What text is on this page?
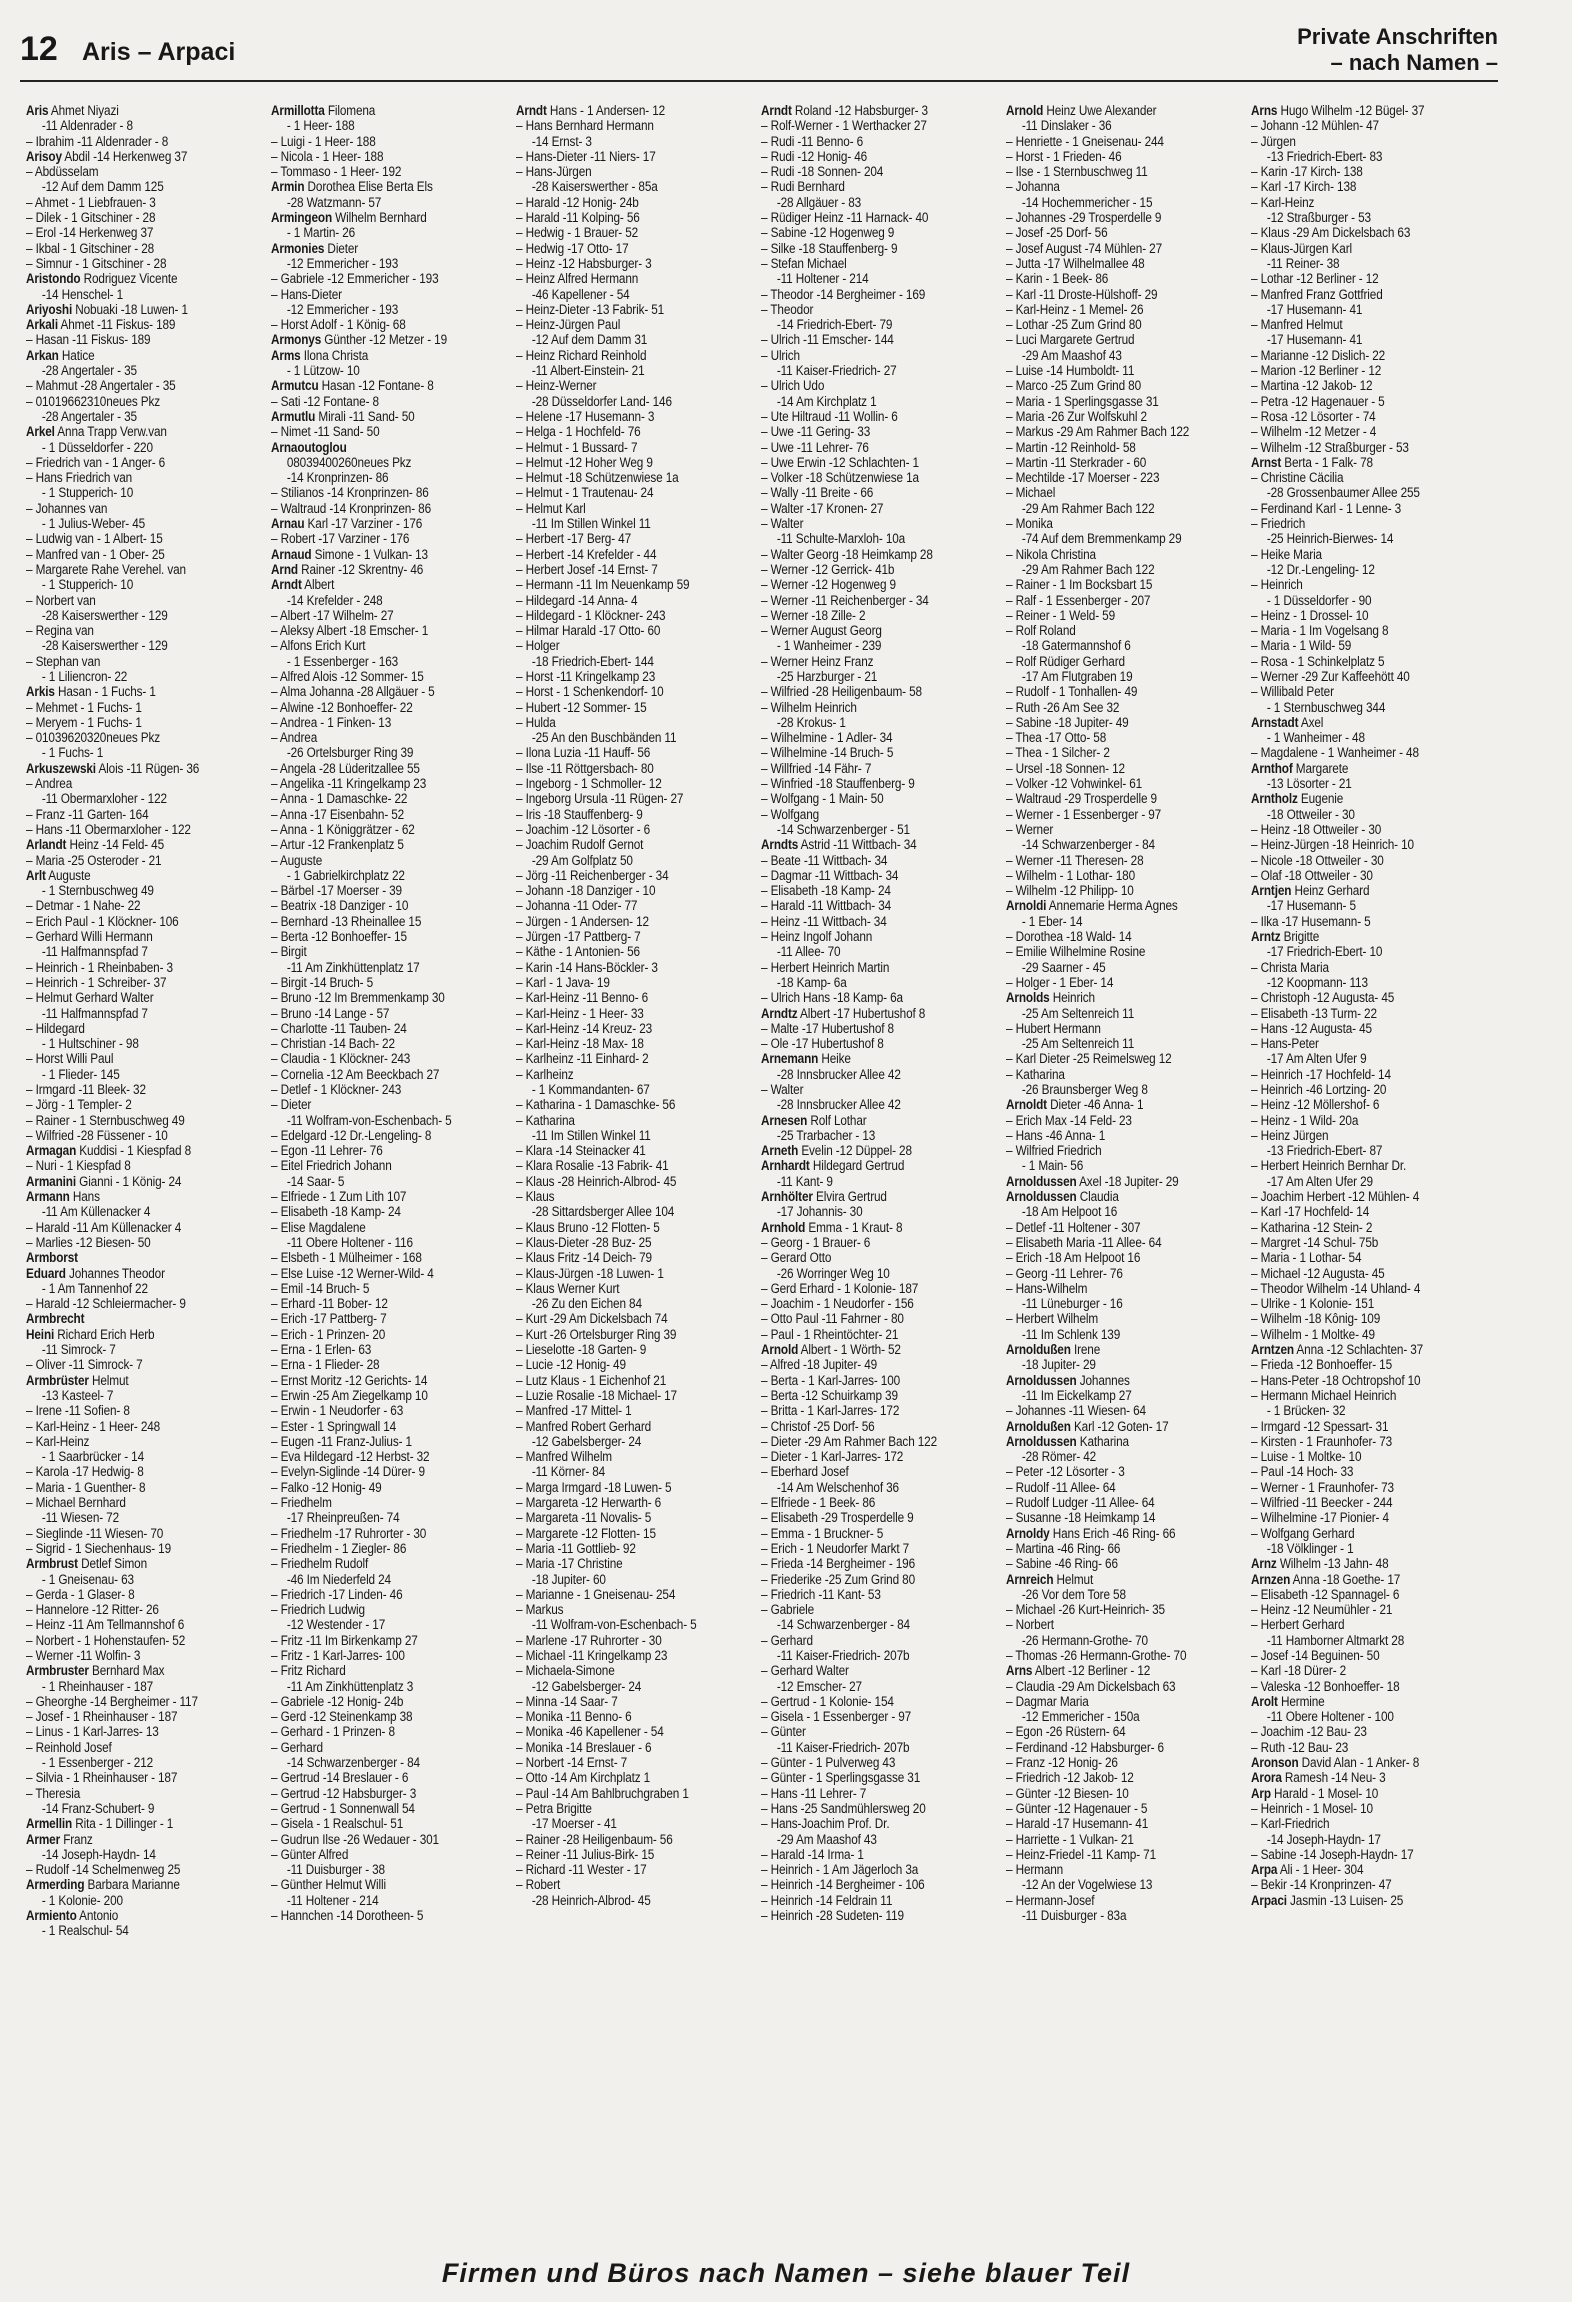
12 Aris – Arpaci
Private Anschriften
– nach Namen –
Aris Ahmet Niyazi
-11 Aldenrader - 8
– Ibrahim -11 Aldenrader - 8
Arisoy Abdil -14 Herkenweg 37
– Abdüsselam
-12 Auf dem Damm 125
– Ahmet - 1 Liebfrauen- 3
– Dilek - 1 Gitschiner - 28
– Erol -14 Herkenweg 37
– Ikbal - 1 Gitschiner - 28
– Simnur - 1 Gitschiner - 28
Aristondo Rodriguez Vicente
-14 Henschel- 1
Ariyoshi Nobuaki -18 Luwen- 1
Arkali Ahmet -11 Fiskus- 189
– Hasan -11 Fiskus- 189
Arkan Hatice
-28 Angertaler - 35
– Mahmut -28 Angertaler - 35
– 01019662310neues Pkz
-28 Angertaler - 35
Arkel Anna Trapp Verw.van
- 1 Düsseldorfer - 220
– Friedrich van - 1 Anger- 6
– Hans Friedrich van
- 1 Stupperich- 10
– Johannes van
- 1 Julius-Weber- 45
– Ludwig van - 1 Albert- 15
– Manfred van - 1 Ober- 25
– Margarete Rahe Verehel. van
- 1 Stupperich- 10
– Norbert van
-28 Kaiserswerther - 129
– Regina van
-28 Kaiserswerther - 129
– Stephan van
- 1 Liliencron- 22
Arkis Hasan - 1 Fuchs- 1
– Mehmet - 1 Fuchs- 1
– Meryem - 1 Fuchs- 1
– 01039620320neues Pkz
- 1 Fuchs- 1
Arkuszewski Alois -11 Rügen- 36
– Andrea
-11 Obermarxloher - 122
– Franz -11 Garten- 164
– Hans -11 Obermarxloher - 122
Arlandt Heinz -14 Feld- 45
– Maria -25 Osteroder - 21
Arlt Auguste
- 1 Sternbuschweg 49
– Detmar - 1 Nahe- 22
– Erich Paul - 1 Klöckner- 106
– Gerhard Willi Hermann
-11 Halfmannspfad 7
– Heinrich - 1 Rheinbaben- 3
– Heinrich - 1 Schreiber- 37
– Helmut Gerhard Walter
-11 Halfmannspfad 7
– Hildegard
- 1 Hultschiner - 98
– Horst Willi Paul
- 1 Flieder- 145
– Irmgard -11 Bleek- 32
– Jörg - 1 Templer- 2
– Rainer - 1 Sternbuschweg 49
– Wilfried -28 Füssener - 10
Armagan Kuddisi - 1 Kiespfad 8
– Nuri - 1 Kiespfad 8
Armanini Gianni - 1 König- 24
Armann Hans
-11 Am Küllenacker 4
– Harald -11 Am Küllenacker 4
– Marlies -12 Biesen- 50
Armborst
Eduard Johannes Theodor
- 1 Am Tannenhof 22
– Harald -12 Schleiermacher- 9
Armbrecht
Heini Richard Erich Herb
-11 Simrock- 7
– Oliver -11 Simrock- 7
Armbrüster Helmut
-13 Kasteel- 7
– Irene -11 Sofien- 8
– Karl-Heinz - 1 Heer- 248
– Karl-Heinz
- 1 Saarbrücker - 14
– Karola -17 Hedwig- 8
– Maria - 1 Guenther- 8
– Michael Bernhard
-11 Wiesen- 72
– Sieglinde -11 Wiesen- 70
– Sigrid - 1 Siechenhaus- 19
Armbrust Detlef Simon
- 1 Gneisenau- 63
– Gerda - 1 Glaser- 8
– Hannelore -12 Ritter- 26
– Heinz -11 Am Tellmannshof 6
– Norbert - 1 Hohenstaufen- 52
– Werner -11 Wolfin- 3
Armbruster Bernhard Max
- 1 Rheinhauser - 187
– Gheorghe -14 Bergheimer - 117
– Josef - 1 Rheinhauser - 187
– Linus - 1 Karl-Jarres- 13
– Reinhold Josef
- 1 Essenberger - 212
– Silvia - 1 Rheinhauser - 187
– Theresia
-14 Franz-Schubert- 9
Armellin Rita - 1 Dillinger - 1
Armer Franz
-14 Joseph-Haydn- 14
– Rudolf -14 Schelmenweg 25
Armerding Barbara Marianne
- 1 Kolonie- 200
Armiento Antonio
- 1 Realschul- 54
Armillotta Filomena
- 1 Heer- 188
– Luigi - 1 Heer- 188
– Nicola - 1 Heer- 188
– Tommaso - 1 Heer- 192
Armin Dorothea Elise Berta Els
-28 Watzmann- 57
Armingeon Wilhelm Bernhard
- 1 Martin- 26
Armonies Dieter
-12 Emmericher - 193
– Gabriele -12 Emmericher - 193
– Hans-Dieter
-12 Emmericher - 193
– Horst Adolf - 1 König- 68
Armonys Günther -12 Metzer - 19
Arms Ilona Christa
- 1 Lützow- 10
Armutcu Hasan -12 Fontane- 8
– Sati -12 Fontane- 8
Armutlu Mirali -11 Sand- 50
– Nimet -11 Sand- 50
Arnaoutoglou
08039400260neues Pkz
-14 Kronprinzen- 86
– Stilianos -14 Kronprinzen- 86
– Waltraud -14 Kronprinzen- 86
Arnau Karl -17 Varziner - 176
– Robert -17 Varziner - 176
Arnaud Simone - 1 Vulkan- 13
Arnd Rainer -12 Skrentny- 46
Arndt Albert
-14 Krefelder - 248
– Albert -17 Wilhelm- 27
– Aleksy Albert -18 Emscher- 1
– Alfons Erich Kurt
- 1 Essenberger - 163
– Alfred Alois -12 Sommer- 15
– Alma Johanna -28 Allgäuer - 5
– Alwine -12 Bonhoeffer- 22
– Andrea - 1 Finken- 13
– Andrea
-26 Ortelsburger Ring 39
– Angela -28 Lüderitzallee 55
– Angelika -11 Kringelkamp 23
– Anna - 1 Damaschke- 22
– Anna -17 Eisenbahn- 52
– Anna - 1 Königgrätzer - 62
– Artur -12 Frankenplatz 5
– Auguste
- 1 Gabrielkirchplatz 22
– Bärbel -17 Moerser - 39
– Beatrix -18 Danziger - 10
– Bernhard -13 Rheinallee 15
– Berta -12 Bonhoeffer- 15
– Birgit
-11 Am Zinkhüttenplatz 17
– Birgit -14 Bruch- 5
– Bruno -12 Im Bremmenkamp 30
– Bruno -14 Lange - 57
– Charlotte -11 Tauben- 24
– Christian -14 Bach- 22
– Claudia - 1 Klöckner- 243
– Cornelia -12 Am Beeckbach 27
– Detlef - 1 Klöckner- 243
– Dieter
-11 Wolfram-von-Eschenbach- 5
– Edelgard -12 Dr.-Lengeling- 8
– Egon -11 Lehrer- 76
– Eitel Friedrich Johann
-14 Saar- 5
– Elfriede - 1 Zum Lith 107
– Elisabeth -18 Kamp- 24
– Elise Magdalene
-11 Obere Holtener - 116
– Elsbeth - 1 Mülheimer - 168
– Else Luise -12 Werner-Wild- 4
– Emil -14 Bruch- 5
– Erhard -11 Bober- 12
– Erich -17 Pattberg- 7
– Erich - 1 Prinzen- 20
– Erna - 1 Erlen- 63
– Erna - 1 Flieder- 28
– Ernst Moritz -12 Gerichts- 14
– Erwin -25 Am Ziegelkamp 10
– Erwin - 1 Neudorfer - 63
– Ester - 1 Springwall 14
– Eugen -11 Franz-Julius- 1
– Eva Hildegard -12 Herbst- 32
– Evelyn-Siglinde -14 Dürer- 9
– Falko -12 Honig- 49
– Friedhelm
-17 Rheinpreußen- 74
– Friedhelm -17 Ruhrorter - 30
– Friedhelm - 1 Ziegler- 86
– Friedhelm Rudolf
-46 Im Niederfeld 24
– Friedrich -17 Linden- 46
– Friedrich Ludwig
-12 Westender - 17
– Fritz -11 Im Birkenkamp 27
– Fritz - 1 Karl-Jarres- 100
– Fritz Richard
-11 Am Zinkhüttenplatz 3
– Gabriele -12 Honig- 24b
– Gerd -12 Steinenkamp 38
– Gerhard - 1 Prinzen- 8
– Gerhard
-14 Schwarzenberger - 84
– Gertrud -14 Breslauer - 6
– Gertrud -12 Habsburger- 3
– Gertrud - 1 Sonnenwall 54
– Gisela - 1 Realschul- 51
– Gudrun Ilse -26 Wedauer - 301
– Günter Alfred
-11 Duisburger - 38
– Günther Helmut Willi
-11 Holtener - 214
– Hannchen -14 Dorotheen- 5
Arndt Hans - 1 Andersen- 12
– Hans Bernhard Hermann
-14 Ernst- 3
– Hans-Dieter -11 Niers- 17
– Hans-Jürgen
-28 Kaiserswerther - 85a
– Harald -12 Honig- 24b
– Harald -11 Kolping- 56
– Hedwig - 1 Brauer- 52
– Hedwig -17 Otto- 17
– Heinz -12 Habsburger- 3
– Heinz Alfred Hermann
-46 Kapellener - 54
– Heinz-Dieter -13 Fabrik- 51
– Heinz-Jürgen Paul
-12 Auf dem Damm 31
– Heinz Richard Reinhold
-11 Albert-Einstein- 21
– Heinz-Werner
-28 Düsseldorfer Land- 146
– Helene -17 Husemann- 3
– Helga - 1 Hochfeld- 76
– Helmut - 1 Bussard- 7
– Helmut -12 Hoher Weg 9
– Helmut -18 Schützenwiese 1a
– Helmut - 1 Trautenau- 24
– Helmut Karl
-11 Im Stillen Winkel 11
– Herbert -17 Berg- 47
– Herbert -14 Krefelder - 44
– Herbert Josef -14 Ernst- 7
– Hermann -11 Im Neuenkamp 59
– Hildegard -14 Anna- 4
– Hildegard - 1 Klöckner- 243
– Hilmar Harald -17 Otto- 60
– Holger
-18 Friedrich-Ebert- 144
– Horst -11 Kringelkamp 23
– Horst - 1 Schenkendorf- 10
– Hubert -12 Sommer- 15
– Hulda
-25 An den Buschbänden 11
– Ilona Luzia -11 Hauff- 56
– Ilse -11 Röttgersbach- 80
– Ingeborg - 1 Schmoller- 12
– Ingeborg Ursula -11 Rügen- 27
– Iris -18 Stauffenberg- 9
– Joachim -12 Lösorter - 6
– Joachim Rudolf Gernot
-29 Am Golfplatz 50
– Jörg -11 Reichenberger - 34
– Johann -18 Danziger - 10
– Johanna -11 Oder- 77
– Jürgen - 1 Andersen- 12
– Jürgen -17 Pattberg- 7
– Käthe - 1 Antonien- 56
– Karin -14 Hans-Böckler- 3
– Karl - 1 Java- 19
– Karl-Heinz -11 Benno- 6
– Karl-Heinz - 1 Heer- 33
– Karl-Heinz -14 Kreuz- 23
– Karl-Heinz -18 Max- 18
– Karlheinz -11 Einhard- 2
– Karlheinz
- 1 Kommandanten- 67
– Katharina - 1 Damaschke- 56
– Katharina
-11 Im Stillen Winkel 11
– Klara -14 Steinacker 41
– Klara Rosalie -13 Fabrik- 41
– Klaus -28 Heinrich-Albrod- 45
– Klaus
-28 Sittardsberger Allee 104
– Klaus Bruno -12 Flotten- 5
– Klaus-Dieter -28 Buz- 25
– Klaus Fritz -14 Deich- 79
– Klaus-Jürgen -18 Luwen- 1
– Klaus Werner Kurt
-26 Zu den Eichen 84
– Kurt -29 Am Dickelsbach 74
– Kurt -26 Ortelsburger Ring 39
– Lieselotte -18 Garten- 9
– Lucie -12 Honig- 49
– Lutz Klaus - 1 Eichenhof 21
– Luzie Rosalie -18 Michael- 17
– Manfred -17 Mittel- 1
– Manfred Robert Gerhard
-12 Gabelsberger- 24
– Manfred Wilhelm
-11 Körner- 84
– Marga Irmgard -18 Luwen- 5
– Margareta -12 Herwarth- 6
– Margareta -11 Novalis- 5
– Margarete -12 Flotten- 15
– Maria -11 Gottlieb- 92
– Maria -17 Christine
-18 Jupiter- 60
– Marianne - 1 Gneisenau- 254
– Markus
-11 Wolfram-von-Eschenbach- 5
– Marlene -17 Ruhrorter - 30
– Michael -11 Kringelkamp 23
– Michaela-Simone
-12 Gabelsberger- 24
– Minna -14 Saar- 7
– Monika -11 Benno- 6
– Monika -46 Kapellener - 54
– Monika -14 Breslauer - 6
– Norbert -14 Ernst- 7
– Otto -14 Am Kirchplatz 1
– Paul -14 Am Bahlbruchgraben 1
– Petra Brigitte
-17 Moerser - 41
– Rainer -28 Heiligenbaum- 56
– Reiner -11 Julius-Birk- 15
– Richard -11 Wester - 17
– Robert
-28 Heinrich-Albrod- 45
Arndt Roland -12 Habsburger- 3
– Rolf-Werner - 1 Werthacker 27
– Rudi -11 Benno- 6
– Rudi -12 Honig- 46
– Rudi -18 Sonnen- 204
– Rudi Bernhard
-28 Allgäuer - 83
– Rüdiger Heinz -11 Harnack- 40
– Sabine -12 Hogenweg 9
– Silke -18 Stauffenberg- 9
– Stefan Michael
-11 Holtener - 214
– Theodor -14 Bergheimer - 169
– Theodor
-14 Friedrich-Ebert- 79
– Ulrich -11 Emscher- 144
– Ulrich
-11 Kaiser-Friedrich- 27
– Ulrich Udo
-14 Am Kirchplatz 1
– Ute Hiltraud -11 Wollin- 6
– Uwe -11 Gering- 33
– Uwe -11 Lehrer- 76
– Uwe Erwin -12 Schlachten- 1
– Volker -18 Schützenwiese 1a
– Wally -11 Breite - 66
– Walter -17 Kronen- 27
– Walter
-11 Schulte-Marxloh- 10a
– Walter Georg -18 Heimkamp 28
– Werner -12 Gerrick- 41b
– Werner -12 Hogenweg 9
– Werner -11 Reichenberger - 34
– Werner -18 Zille- 2
– Werner August Georg
- 1 Wanheimer - 239
– Werner Heinz Franz
-25 Harzburger - 21
– Wilfried -28 Heiligenbaum- 58
– Wilhelm Heinrich
-28 Krokus- 1
– Wilhelmine - 1 Adler- 34
– Wilhelmine -14 Bruch- 5
– Willfried -14 Fähr- 7
– Winfried -18 Stauffenberg- 9
– Wolfgang - 1 Main- 50
– Wolfgang
-14 Schwarzenberger - 51
Arndts Astrid -11 Wittbach- 34
– Beate -11 Wittbach- 34
– Dagmar -11 Wittbach- 34
– Elisabeth -18 Kamp- 24
– Harald -11 Wittbach- 34
– Heinz -11 Wittbach- 34
– Heinz Ingolf Johann
-11 Allee- 70
– Herbert Heinrich Martin
-18 Kamp- 6a
– Ulrich Hans -18 Kamp- 6a
Arndtz Albert -17 Hubertushof 8
– Malte -17 Hubertushof 8
– Ole -17 Hubertushof 8
Arnemann Heike
-28 Innsbrucker Allee 42
– Walter
-28 Innsbrucker Allee 42
Arnesen Rolf Lothar
-25 Trarbacher - 13
Arneth Evelin -12 Düppel- 28
Arnhardt Hildegard Gertrud
-11 Kant- 9
Arnhölter Elvira Gertrud
-17 Johannis- 30
Arnhold Emma - 1 Kraut- 8
– Georg - 1 Brauer- 6
– Gerard Otto
-26 Worringer Weg 10
– Gerd Erhard - 1 Kolonie- 187
– Joachim - 1 Neudorfer - 156
– Otto Paul -11 Fahrner - 80
– Paul - 1 Rheintöchter- 21
Arnold Albert - 1 Wörth- 52
– Alfred -18 Jupiter- 49
– Berta - 1 Karl-Jarres- 100
– Berta -12 Schuirkamp 39
– Britta - 1 Karl-Jarres- 172
– Christof -25 Dorf- 56
– Dieter -29 Am Rahmer Bach 122
– Dieter - 1 Karl-Jarres- 172
– Eberhard Josef
-14 Am Welschenhof 36
– Elfriede - 1 Beek- 86
– Elisabeth -29 Trosperdelle 9
– Emma - 1 Bruckner- 5
– Erich - 1 Neudorfer Markt 7
– Frieda -14 Bergheimer - 196
– Friederike -25 Zum Grind 80
– Friedrich -11 Kant- 53
– Gabriele
-14 Schwarzenberger - 84
– Gerhard
-11 Kaiser-Friedrich- 207b
– Gerhard Walter
-12 Emscher- 27
– Gertrud - 1 Kolonie- 154
– Gisela - 1 Essenberger - 97
– Günter
-11 Kaiser-Friedrich- 207b
– Günter - 1 Pulverweg 43
– Günter - 1 Sperlingsgasse 31
– Hans -11 Lehrer- 7
– Hans -25 Sandmühlersweg 20
– Hans-Joachim Prof. Dr.
-29 Am Maashof 43
– Harald -14 Irma- 1
– Heinrich - 1 Am Jägerloch 3a
– Heinrich -14 Bergheimer - 106
– Heinrich -14 Feldrain 11
– Heinrich -28 Sudeten- 119
Arnold Heinz Uwe Alexander
-11 Dinslaker - 36
– Henriette - 1 Gneisenau- 244
– Horst - 1 Frieden- 46
– Ilse - 1 Sternbuschweg 11
– Johanna
-14 Hochemmericher - 15
– Johannes -29 Trosperdelle 9
– Josef -25 Dorf- 56
– Josef August -74 Mühlen- 27
– Jutta -17 Wilhelmallee 48
– Karin - 1 Beek- 86
– Karl -11 Droste-Hülshoff- 29
– Karl-Heinz - 1 Memel- 26
– Lothar -25 Zum Grind 80
– Luci Margarete Gertrud
-29 Am Maashof 43
– Luise -14 Humboldt- 11
– Marco -25 Zum Grind 80
– Maria - 1 Sperlingsgasse 31
– Maria -26 Zur Wolfskuhl 2
– Markus -29 Am Rahmer Bach 122
– Martin -12 Reinhold- 58
– Martin -11 Sterkrader - 60
– Mechtilde -17 Moerser - 223
– Michael
-29 Am Rahmer Bach 122
– Monika
-74 Auf dem Bremmenkamp 29
– Nikola Christina
-29 Am Rahmer Bach 122
– Rainer - 1 Im Bocksbart 15
– Ralf - 1 Essenberger - 207
– Reiner - 1 Weld- 59
– Rolf Roland
-18 Gatermannshof 6
– Rolf Rüdiger Gerhard
-17 Am Flutgraben 19
– Rudolf - 1 Tonhallen- 49
– Ruth -26 Am See 32
– Sabine -18 Jupiter- 49
– Thea -17 Otto- 58
– Thea - 1 Silcher- 2
– Ursel -18 Sonnen- 12
– Volker -12 Vohwinkel- 61
– Waltraud -29 Trosperdelle 9
– Werner - 1 Essenberger - 97
– Werner
-14 Schwarzenberger - 84
– Werner -11 Theresen- 28
– Wilhelm - 1 Lothar- 180
– Wilhelm -12 Philipp- 10
Arnoldi Annemarie Herma Agnes
- 1 Eber- 14
– Dorothea -18 Wald- 14
– Emilie Wilhelmine Rosine
-29 Saarner - 45
– Holger - 1 Eber- 14
Arnolds Heinrich
-25 Am Seltenreich 11
– Hubert Hermann
-25 Am Seltenreich 11
– Karl Dieter -25 Reimelsweg 12
– Katharina
-26 Braunsberger Weg 8
Arnoldt Dieter -46 Anna- 1
– Erich Max -14 Feld- 23
– Hans -46 Anna- 1
– Wilfried Friedrich
- 1 Main- 56
Arnoldussen Axel -18 Jupiter- 29
Arnoldussen Claudia
-18 Am Helpoot 16
– Detlef -11 Holtener - 307
– Elisabeth Maria -11 Allee- 64
– Erich -18 Am Helpoot 16
– Georg -11 Lehrer- 76
– Hans-Wilhelm
-11 Lüneburger - 16
– Herbert Wilhelm
-11 Im Schlenk 139
Arnoldußen Irene
-18 Jupiter- 29
Arnoldussen Johannes
-11 Im Eickelkamp 27
– Johannes -11 Wiesen- 64
Arnoldußen Karl -12 Goten- 17
Arnoldussen Katharina
-28 Römer- 42
– Peter -12 Lösorter - 3
– Rudolf -11 Allee- 64
– Rudolf Ludger -11 Allee- 64
– Susanne -18 Heimkamp 14
Arnoldy Hans Erich -46 Ring- 66
– Martina -46 Ring- 66
– Sabine -46 Ring- 66
Arnreich Helmut
-26 Vor dem Tore 58
– Michael -26 Kurt-Heinrich- 35
– Norbert
-26 Hermann-Grothe- 70
– Thomas -26 Hermann-Grothe- 70
Arns Albert -12 Berliner - 12
– Claudia -29 Am Dickelsbach 63
– Dagmar Maria
-12 Emmericher - 150a
– Egon -26 Rüstern- 64
– Ferdinand -12 Habsburger- 6
– Franz -12 Honig- 26
– Friedrich -12 Jakob- 12
– Günter -12 Biesen- 10
– Günter -12 Hagenauer - 5
– Harald -17 Husemann- 41
– Harriette - 1 Vulkan- 21
– Heinz-Friedel -11 Kamp- 71
– Hermann
-12 An der Vogelwiese 13
– Hermann-Josef
-11 Duisburger - 83a
Arns Hugo Wilhelm -12 Bügel- 37
– Johann -12 Mühlen- 47
– Jürgen
-13 Friedrich-Ebert- 83
– Karin -17 Kirch- 138
– Karl -17 Kirch- 138
– Karl-Heinz
-12 Straßburger - 53
– Klaus -29 Am Dickelsbach 63
– Klaus-Jürgen Karl
-11 Reiner- 38
– Lothar -12 Berliner - 12
– Manfred Franz Gottfried
-17 Husemann- 41
– Manfred Helmut
-17 Husemann- 41
– Marianne -12 Dislich- 22
– Marion -12 Berliner - 12
– Martina -12 Jakob- 12
– Petra -12 Hagenauer - 5
– Rosa -12 Lösorter - 74
– Wilhelm -12 Metzer - 4
– Wilhelm -12 Straßburger - 53
Arnst Berta - 1 Falk- 78
– Christine Cäcilia
-28 Grossenbaumer Allee 255
– Ferdinand Karl - 1 Lenne- 3
– Friedrich
-25 Heinrich-Bierwes- 14
– Heike Maria
-12 Dr.-Lengeling- 12
– Heinrich
- 1 Düsseldorfer - 90
– Heinz - 1 Drossel- 10
– Maria - 1 Im Vogelsang 8
– Maria - 1 Wild- 59
– Rosa - 1 Schinkelplatz 5
– Werner -29 Zur Kaffeehött 40
– Willibald Peter
- 1 Sternbuschweg 344
Arnstadt Axel
- 1 Wanheimer - 48
– Magdalene - 1 Wanheimer - 48
Arnthof Margarete
-13 Lösorter - 21
Arntholz Eugenie
-18 Ottweiler - 30
– Heinz -18 Ottweiler - 30
– Heinz-Jürgen -18 Heinrich- 10
– Nicole -18 Ottweiler - 30
– Olaf -18 Ottweiler - 30
Arntjen Heinz Gerhard
-17 Husemann- 5
– Ilka -17 Husemann- 5
Arntz Brigitte
-17 Friedrich-Ebert- 10
– Christa Maria
-12 Koopmann- 113
– Christoph -12 Augusta- 45
– Elisabeth -13 Turm- 22
– Hans -12 Augusta- 45
– Hans-Peter
-17 Am Alten Ufer 9
– Heinrich -17 Hochfeld- 14
– Heinrich -46 Lortzing- 20
– Heinz -12 Möllershof- 6
– Heinz - 1 Wild- 20a
– Heinz Jürgen
-13 Friedrich-Ebert- 87
– Herbert Heinrich Bernhar Dr.
-17 Am Alten Ufer 29
– Joachim Herbert -12 Mühlen- 4
– Karl -17 Hochfeld- 14
– Katharina -12 Stein- 2
– Margret -14 Schul- 75b
– Maria - 1 Lothar- 54
– Michael -12 Augusta- 45
– Theodor Wilhelm -14 Uhland- 4
– Ulrike - 1 Kolonie- 151
– Wilhelm -18 Kônig- 109
– Wilhelm - 1 Moltke- 49
Arntzen Anna -12 Schlachten- 37
– Frieda -12 Bonhoeffer- 15
– Hans-Peter -18 Ochtropshof 10
– Hermann Michael Heinrich
- 1 Brücken- 32
– Irmgard -12 Spessart- 31
– Kirsten - 1 Fraunhofer- 73
– Luise - 1 Moltke- 10
– Paul -14 Hoch- 33
– Werner - 1 Fraunhofer- 73
– Wilfried -11 Beecker - 244
– Wilhelmine -17 Pionier- 4
– Wolfgang Gerhard
-18 Völklinger - 1
Arnz Wilhelm -13 Jahn- 48
Arnzen Anna -18 Goethe- 17
– Elisabeth -12 Spannagel- 6
– Heinz -12 Neumühler - 21
– Herbert Gerhard
-11 Hamborner Altmarkt 28
– Josef -14 Beguinen- 50
– Karl -18 Dürer- 2
– Valeska -12 Bonhoeffer- 18
Arolt Hermine
-11 Obere Holtener - 100
– Joachim -12 Bau- 23
– Ruth -12 Bau- 23
Aronson David Alan - 1 Anker- 8
Arora Ramesh -14 Neu- 3
Arp Harald - 1 Mosel- 10
– Heinrich - 1 Mosel- 10
– Karl-Friedrich
-14 Joseph-Haydn- 17
– Sabine -14 Joseph-Haydn- 17
Arpa Ali - 1 Heer- 304
– Bekir -14 Kronprinzen- 47
Arpaci Jasmin -13 Luisen- 25
Firmen und Büros nach Namen – siehe blauer Teil
